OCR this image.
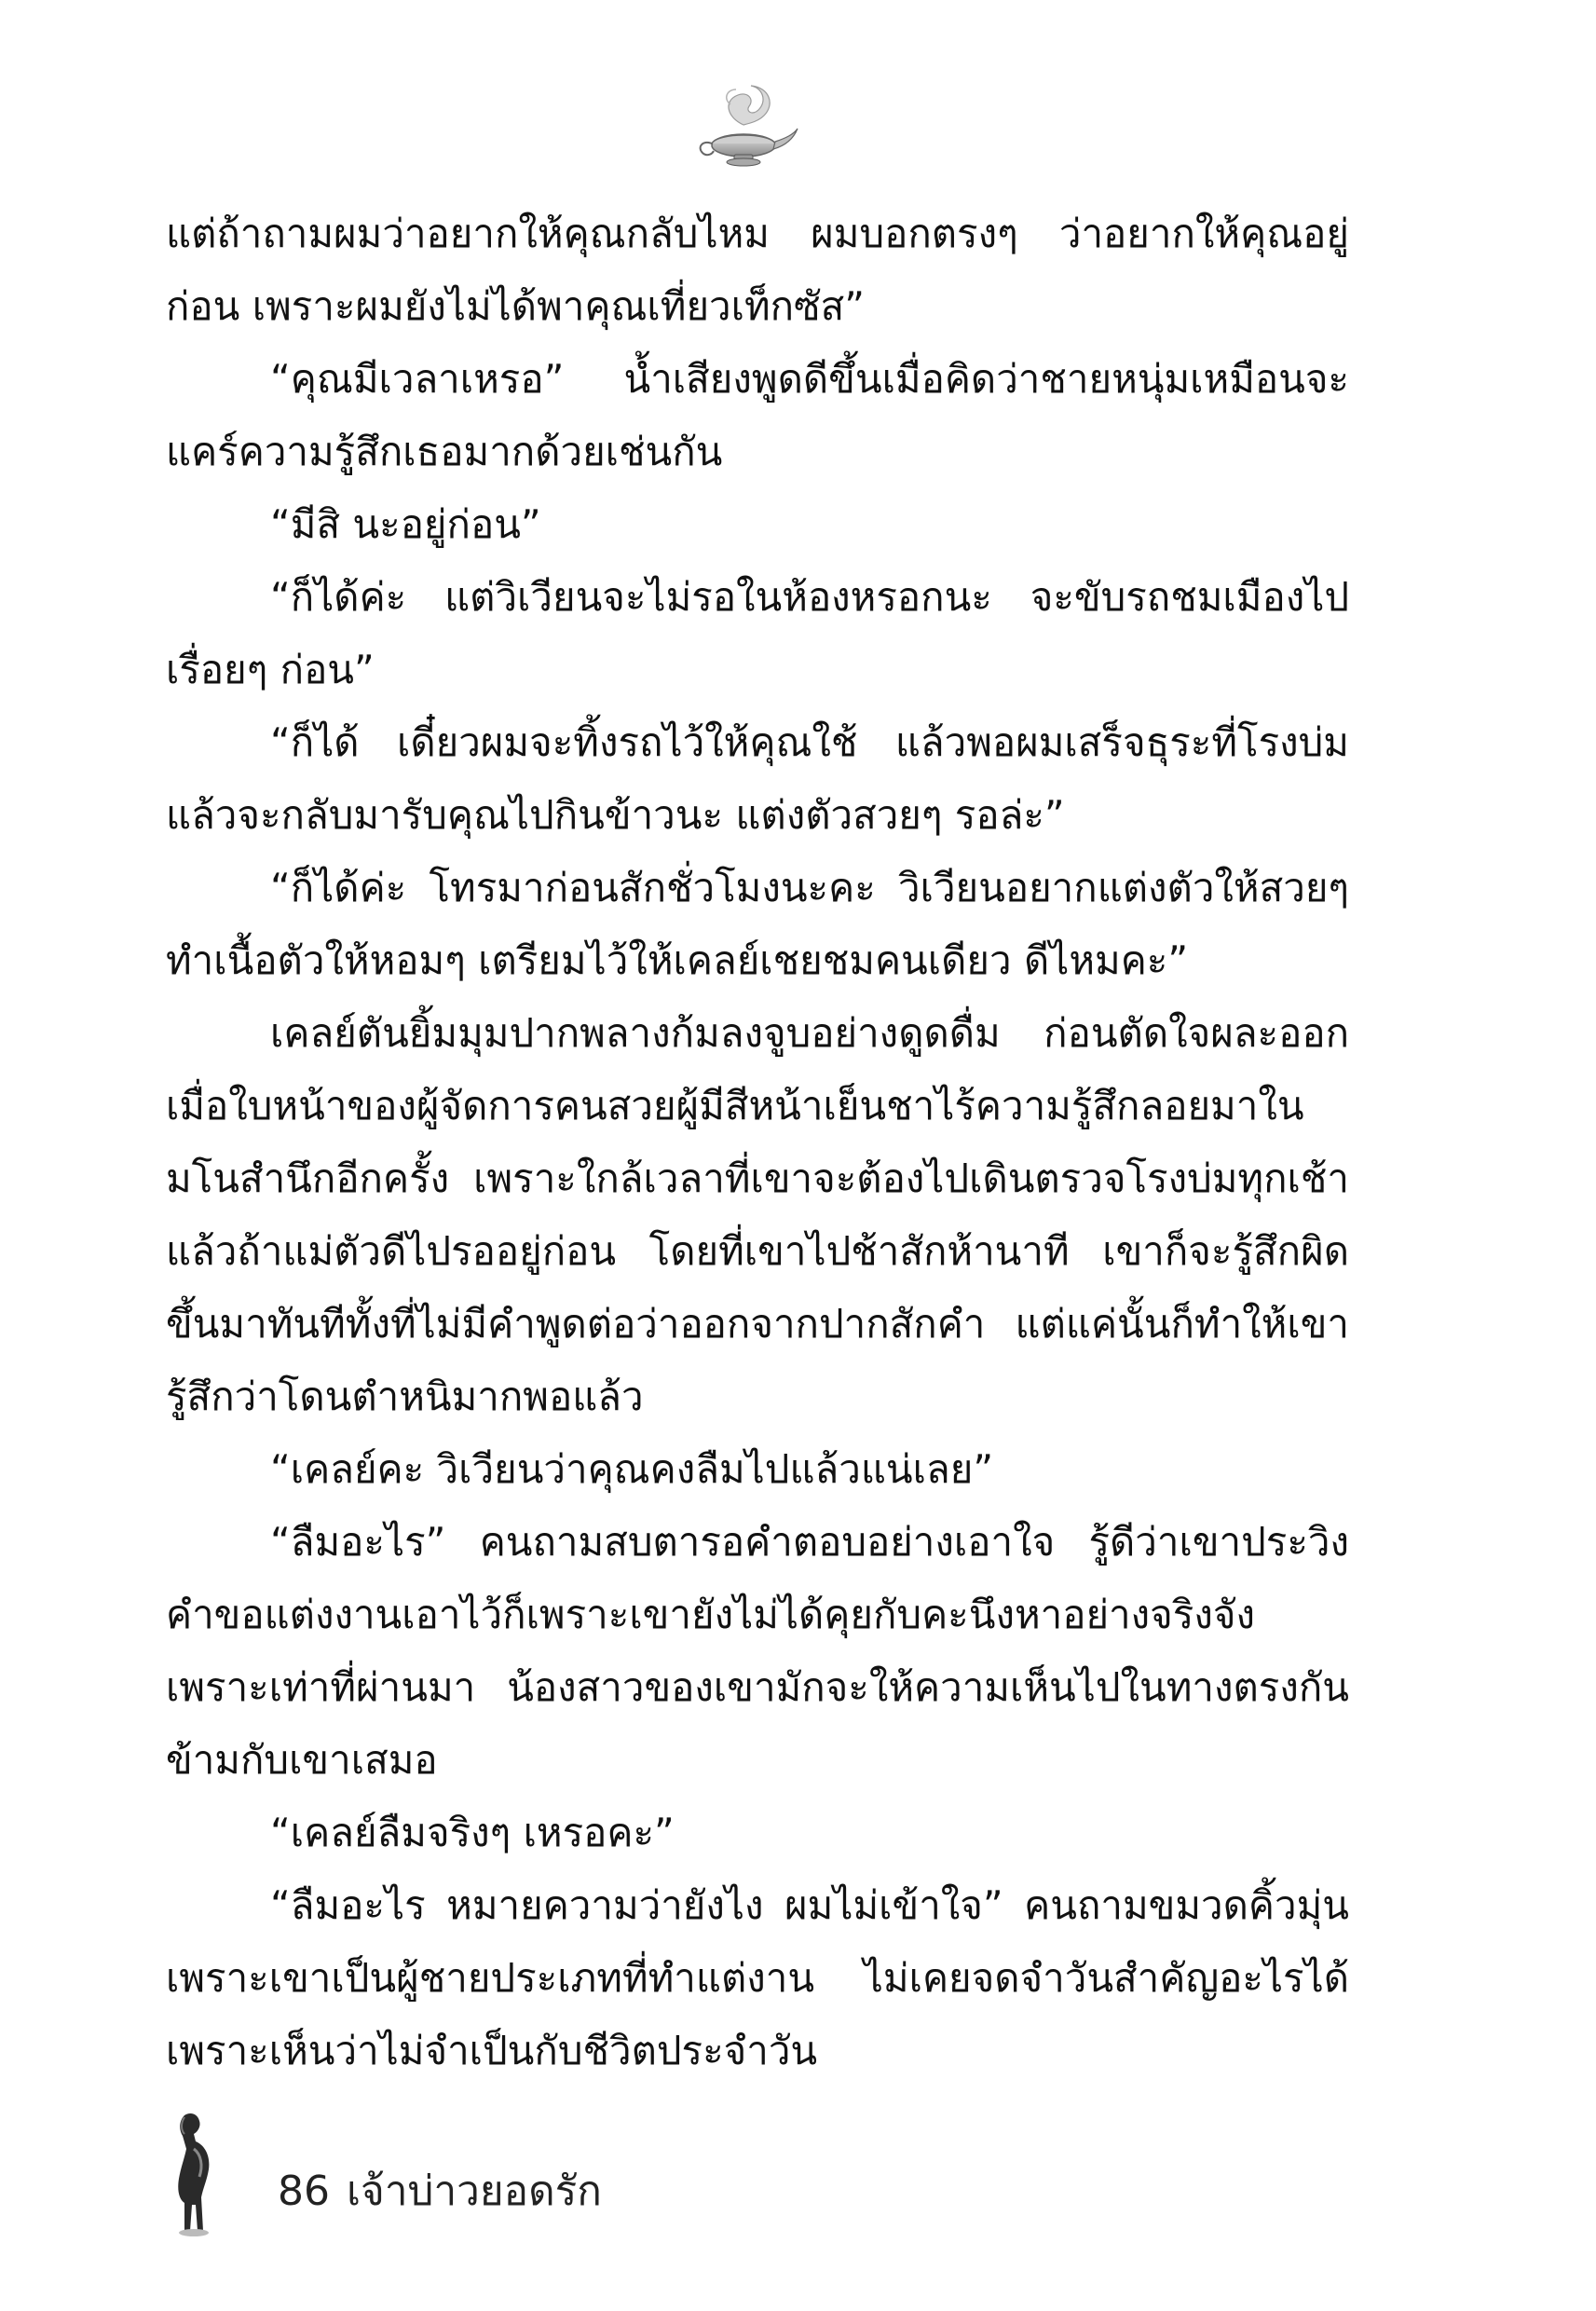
แต่ถ้าถามผมว่าอยากให้คุณกลับไหม ผมบอกตรงๆ ว่าอยากให้คุณอยู่ก่อน เพราะผมยังไม่ได้พาคุณเที่ยวเท็กซัส”

“คุณมีเวลาเหรอ” น้ำเสียงพูดดีขึ้นเมื่อคิดว่าชายหนุ่มเหมือนจะแคร์ความรู้สึกเธอมากด้วยเช่นกัน

“มีสิ นะอยู่ก่อน”

“ก็ได้ค่ะ แต่วิเวียนจะไม่รอในห้องหรอกนะ จะขับรถชมเมืองไปเรื่อยๆ ก่อน”

“ก็ได้ เดี๋ยวผมจะทิ้งรถไว้ให้คุณใช้ แล้วพอผมเสร็จธุระที่โรงบ่มแล้วจะกลับมารับคุณไปกินข้าวนะ แต่งตัวสวยๆ รอล่ะ”

“ก็ได้ค่ะ โทรมาก่อนสักชั่วโมงนะคะ วิเวียนอยากแต่งตัวให้สวยๆ ทำเนื้อตัวให้หอมๆ เตรียมไว้ให้เคลย์เชยชมคนเดียว ดีไหมคะ”

เคลย์ตันยิ้มมุมปากพลางก้มลงจูบอย่างดูดดื่ม ก่อนตัดใจผละออกเมื่อใบหน้าของผู้จัดการคนสวยผู้มีสีหน้าเย็นชาไร้ความรู้สึกลอยมาในมโนสำนึกอีกครั้ง เพราะใกล้เวลาที่เขาจะต้องไปเดินตรวจโรงบ่มทุกเช้าแล้วถ้าแม่ตัวดีไปรออยู่ก่อน โดยที่เขาไปช้าสักห้านาที เขาก็จะรู้สึกผิดขึ้นมาทันทีทั้งที่ไม่มีคำพูดต่อว่าออกจากปากสักคำ แต่แค่นั้นก็ทำให้เขารู้สึกว่าโดนตำหนิมากพอแล้ว

“เคลย์คะ วิเวียนว่าคุณคงลืมไปแล้วแน่เลย”

“ลืมอะไร” คนถามสบตารอคำตอบอย่างเอาใจ รู้ดีว่าเขาประวิงคำขอแต่งงานเอาไว้ก็เพราะเขายังไม่ได้คุยกับคะนึงหาอย่างจริงจัง เพราะเท่าที่ผ่านมา น้องสาวของเขามักจะให้ความเห็นไปในทางตรงกันข้ามกับเขาเสมอ

“เคลย์ลืมจริงๆ เหรอคะ”

“ลืมอะไร หมายความว่ายังไง ผมไม่เข้าใจ” คนถามขมวดคิ้วมุ่นเพราะเขาเป็นผู้ชายประเภทที่ทำแต่งาน ไม่เคยจดจำวันสำคัญอะไรได้เพราะเห็นว่าไม่จำเป็นกับชีวิตประจำวัน

86 เจ้าบ่าวยอดรัก
